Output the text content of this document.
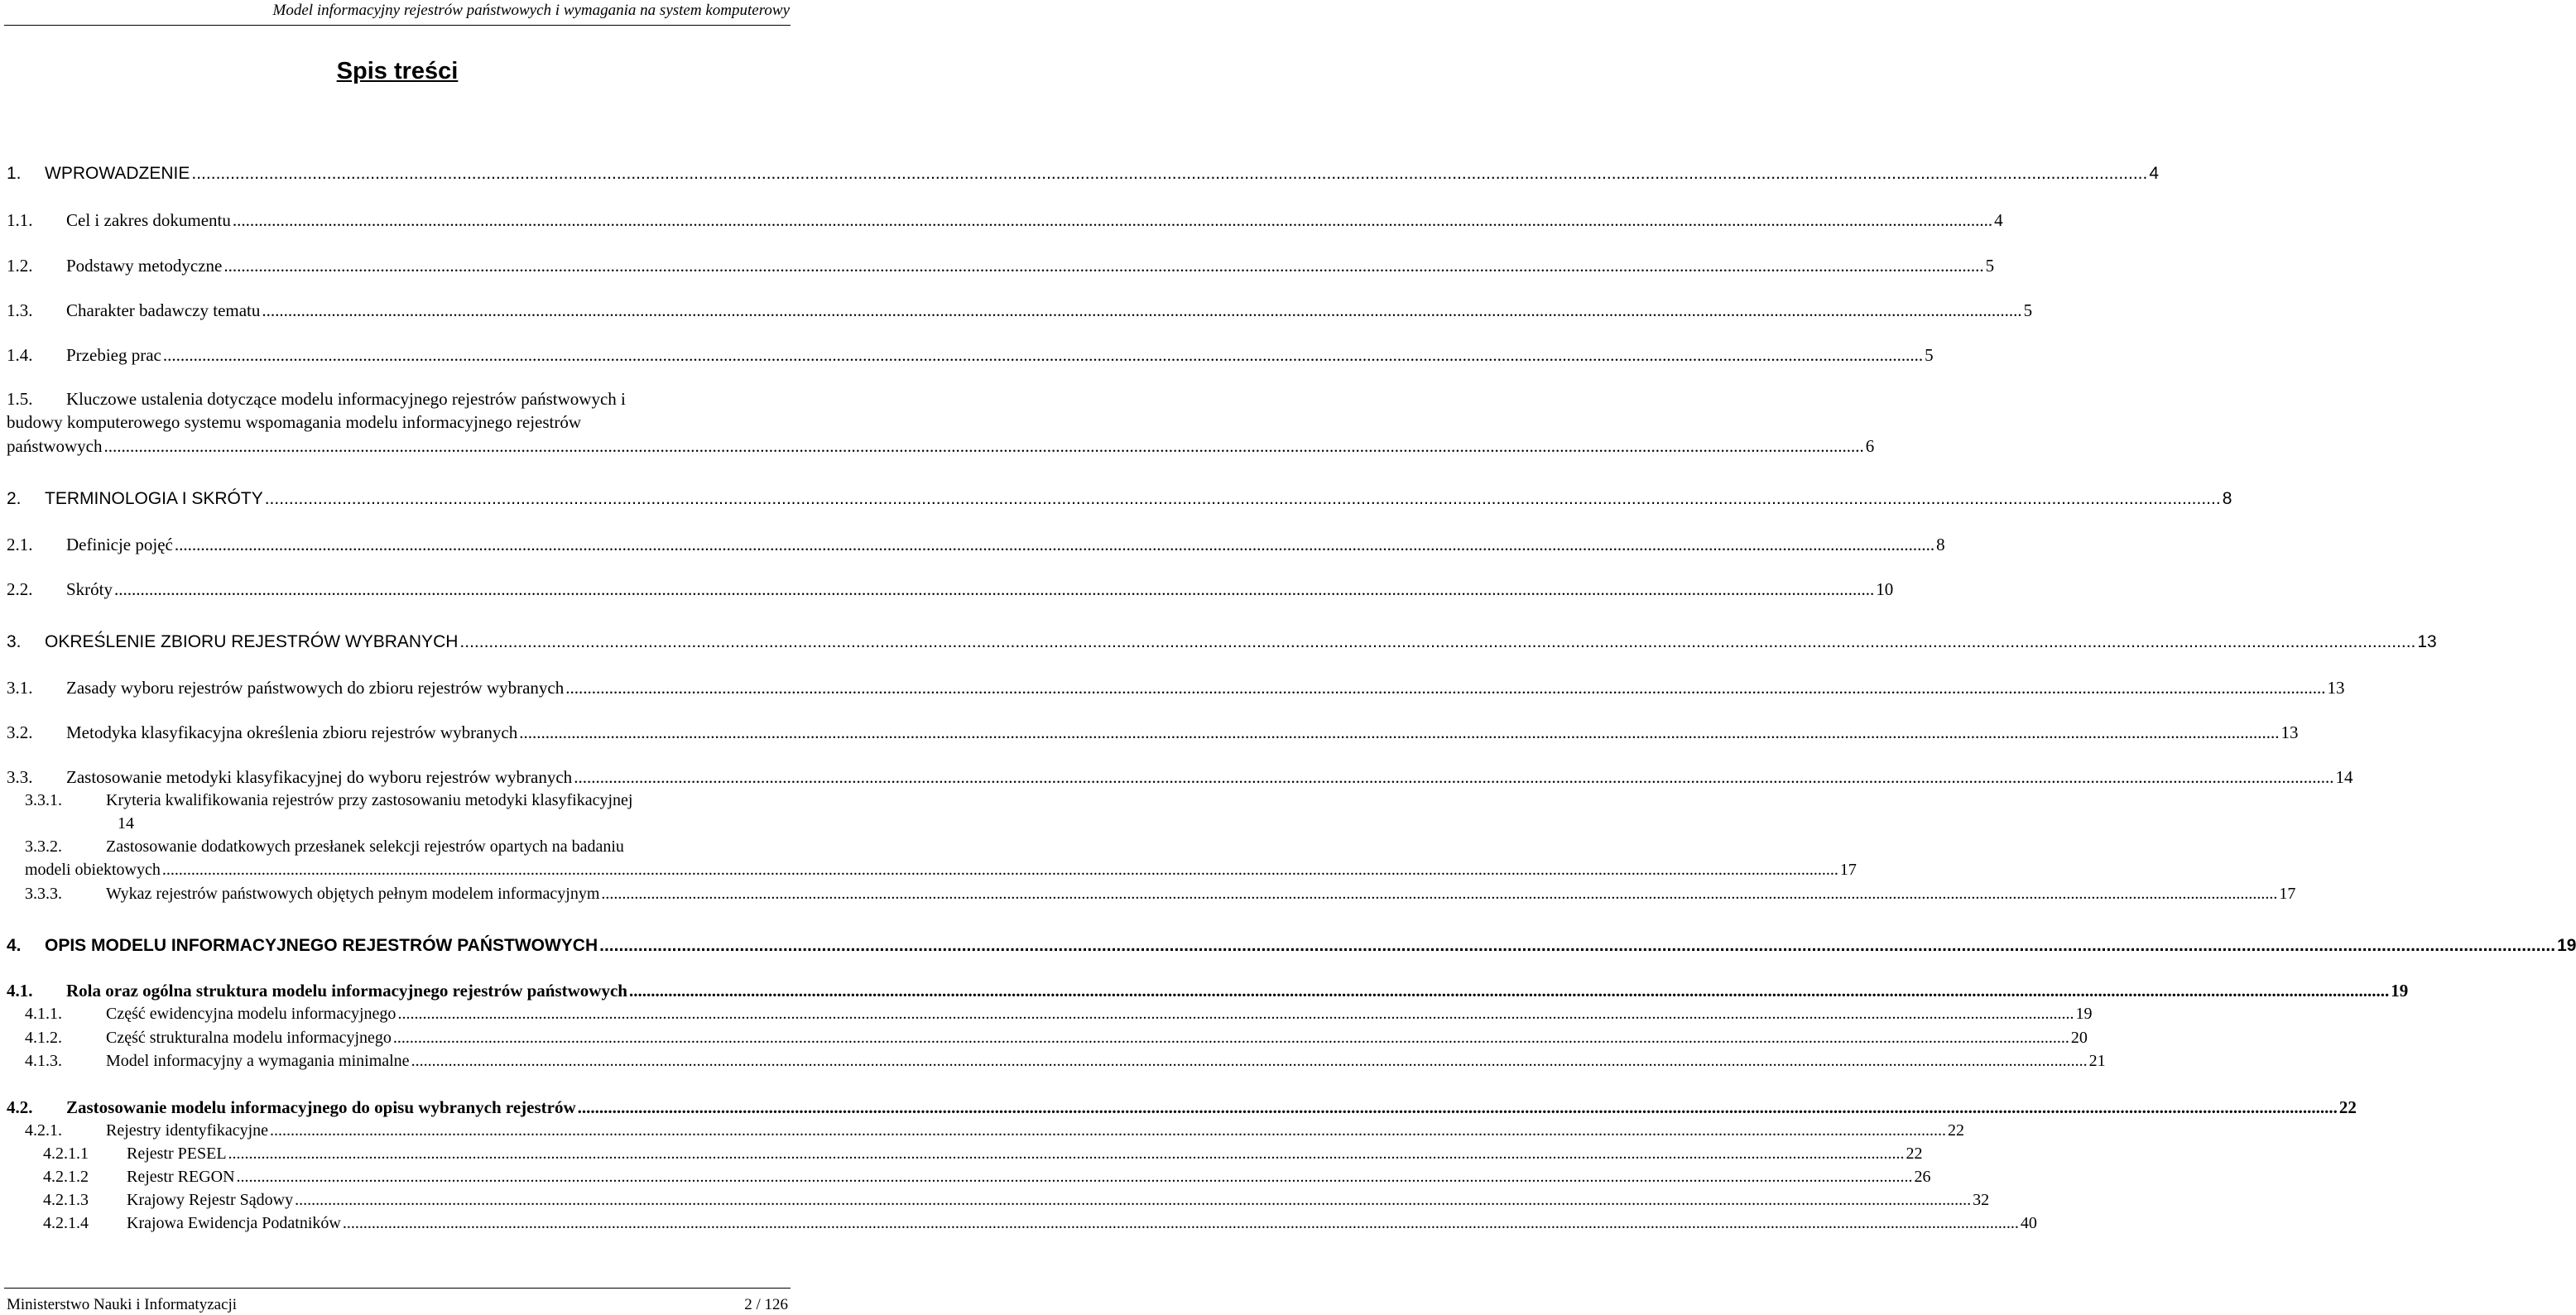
Model informacyjny rejestrów państwowych i wymagania na system komputerowy
Spis treści
1.	WPROWADZENIE .....	4
1.1.	Cel i zakres dokumentu .....	4
1.2.	Podstawy metodyczne .....	5
1.3.	Charakter badawczy tematu .....	5
1.4.	Przebieg prac .....	5
1.5. Kluczowe ustalenia dotyczące modelu informacyjnego rejestrów państwowych i
budowy komputerowego systemu wspomagania modelu informacyjnego rejestrów
państwowych .....	6
2.	TERMINOLOGIA I SKRÓTY .....	8
2.1.	Definicje pojęć .....	8
2.2.	Skróty .....	10
3.	OKREŚLENIE ZBIORU REJESTRÓW WYBRANYCH .....	13
3.1.	Zasady wyboru rejestrów państwowych do zbioru rejestrów wybranych .....	13
3.2.	Metodyka klasyfikacyjna określenia zbioru rejestrów wybranych .....	13
3.3.	Zastosowanie metodyki klasyfikacyjnej do wyboru rejestrów wybranych .....	14
3.3.1.	Kryteria kwalifikowania rejestrów przy zastosowaniu metodyki klasyfikacyjnej
14
3.3.2.	Zastosowanie dodatkowych przesłanek selekcji rejestrów opartych na badaniu
modeli obiektowych .....	17
3.3.3.	Wykaz rejestrów państwowych objętych pełnym modelem informacyjnym .....	17
4.	OPIS MODELU INFORMACYJNEGO REJESTRÓW PAŃSTWOWYCH .....	19
4.1.	Rola oraz ogólna struktura modelu informacyjnego rejestrów państwowych .....	19
4.1.1.	Część ewidencyjna modelu informacyjnego .....	19
4.1.2.	Część strukturalna modelu informacyjnego .....	20
4.1.3.	Model informacyjny a wymagania minimalne .....	21
4.2.	Zastosowanie modelu informacyjnego do opisu wybranych rejestrów .....	22
4.2.1.	Rejestry identyfikacyjne .....	22
4.2.1.1	Rejestr PESEL .....	22
4.2.1.2	Rejestr REGON .....	26
4.2.1.3	Krajowy Rejestr Sądowy .....	32
4.2.1.4	Krajowa Ewidencja Podatników .....	40
Ministerstwo Nauki i Informatyzacji	2 / 126
